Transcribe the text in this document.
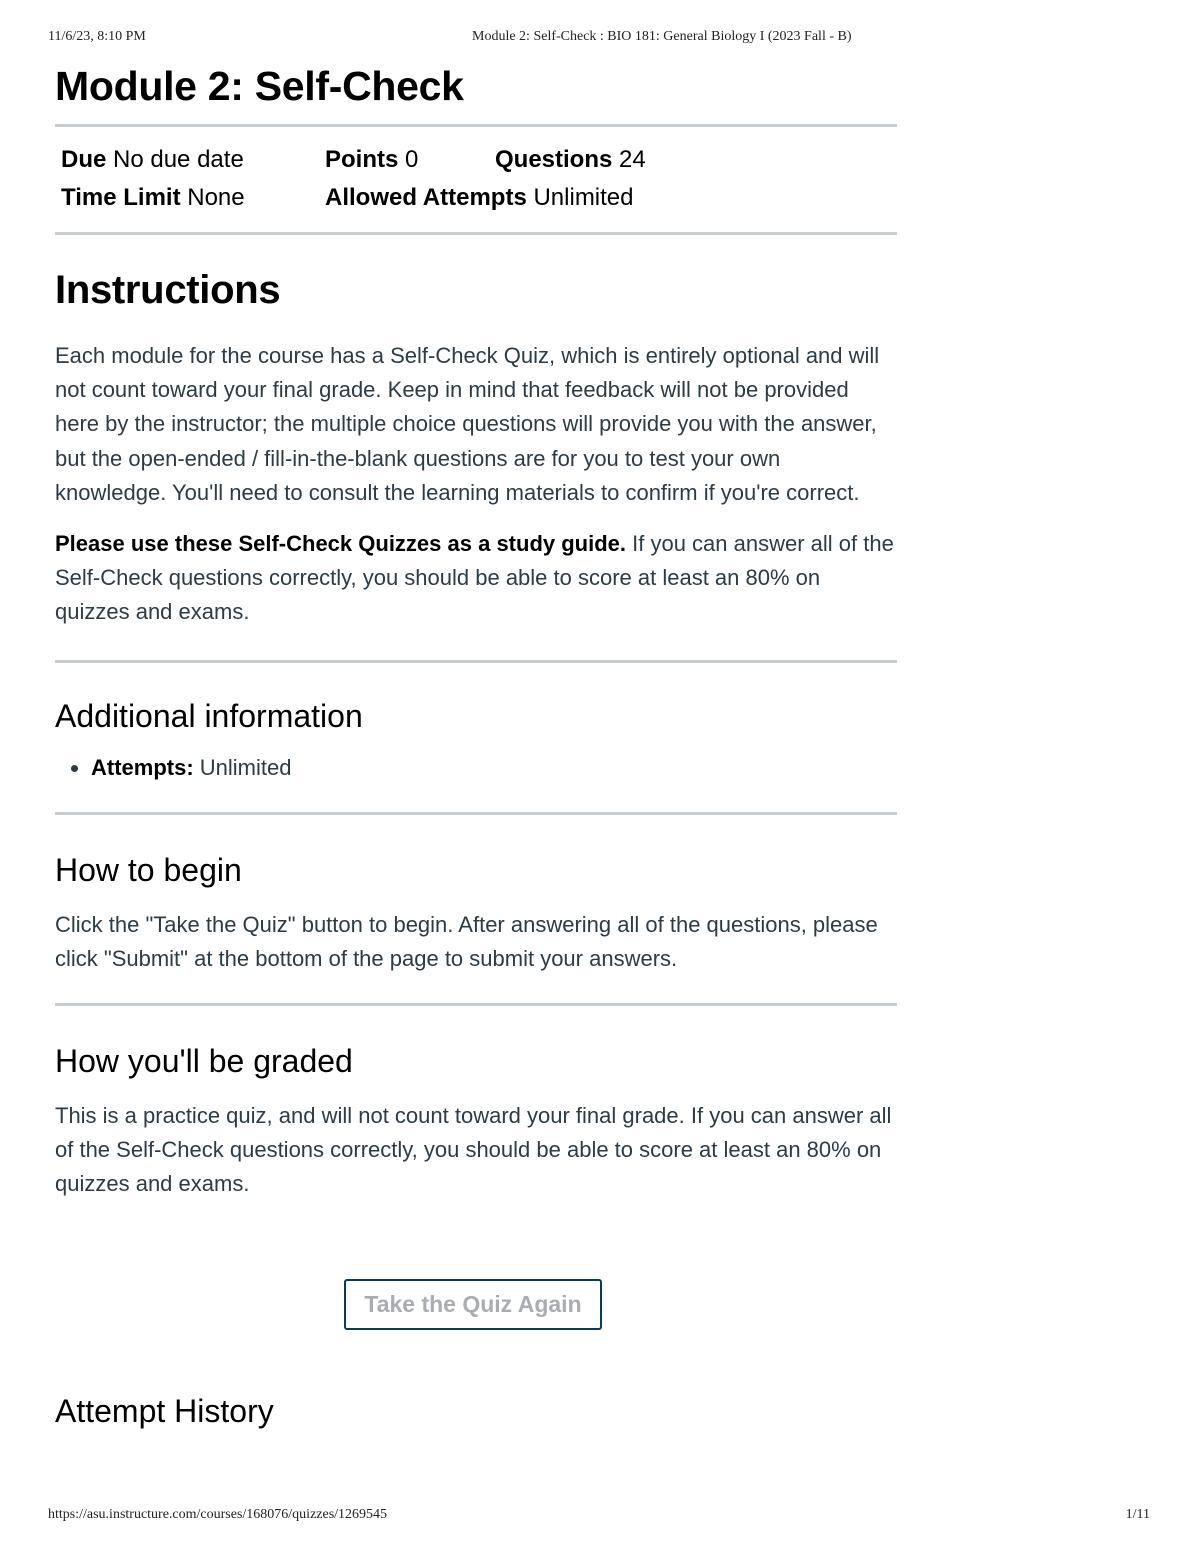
11/6/23, 8:10 PM	Module 2: Self-Check : BIO 181: General Biology I (2023 Fall - B)
Module 2: Self-Check
Due No due date	Points 0	Questions 24
Time Limit None	Allowed Attempts Unlimited
Instructions

Each module for the course has a Self-Check Quiz, which is entirely optional and will not count toward your final grade. Keep in mind that feedback will not be provided here by the instructor; the multiple choice questions will provide you with the answer, but the open-ended / fill-in-the-blank questions are for you to test your own knowledge. You'll need to consult the learning materials to confirm if you're correct.

Please use these Self-Check Quizzes as a study guide. If you can answer all of the Self-Check questions correctly, you should be able to score at least an 80% on quizzes and exams.

Additional information
• Attempts: Unlimited
How to begin

Click the "Take the Quiz" button to begin. After answering all of the questions, please click "Submit" at the bottom of the page to submit your answers.

How you'll be graded

This is a practice quiz, and will not count toward your final grade. If you can answer all of the Self-Check questions correctly, you should be able to score at least an 80% on quizzes and exams.

Take the Quiz Again
Attempt History
https://asu.instructure.com/courses/168076/quizzes/1269545	1/11
